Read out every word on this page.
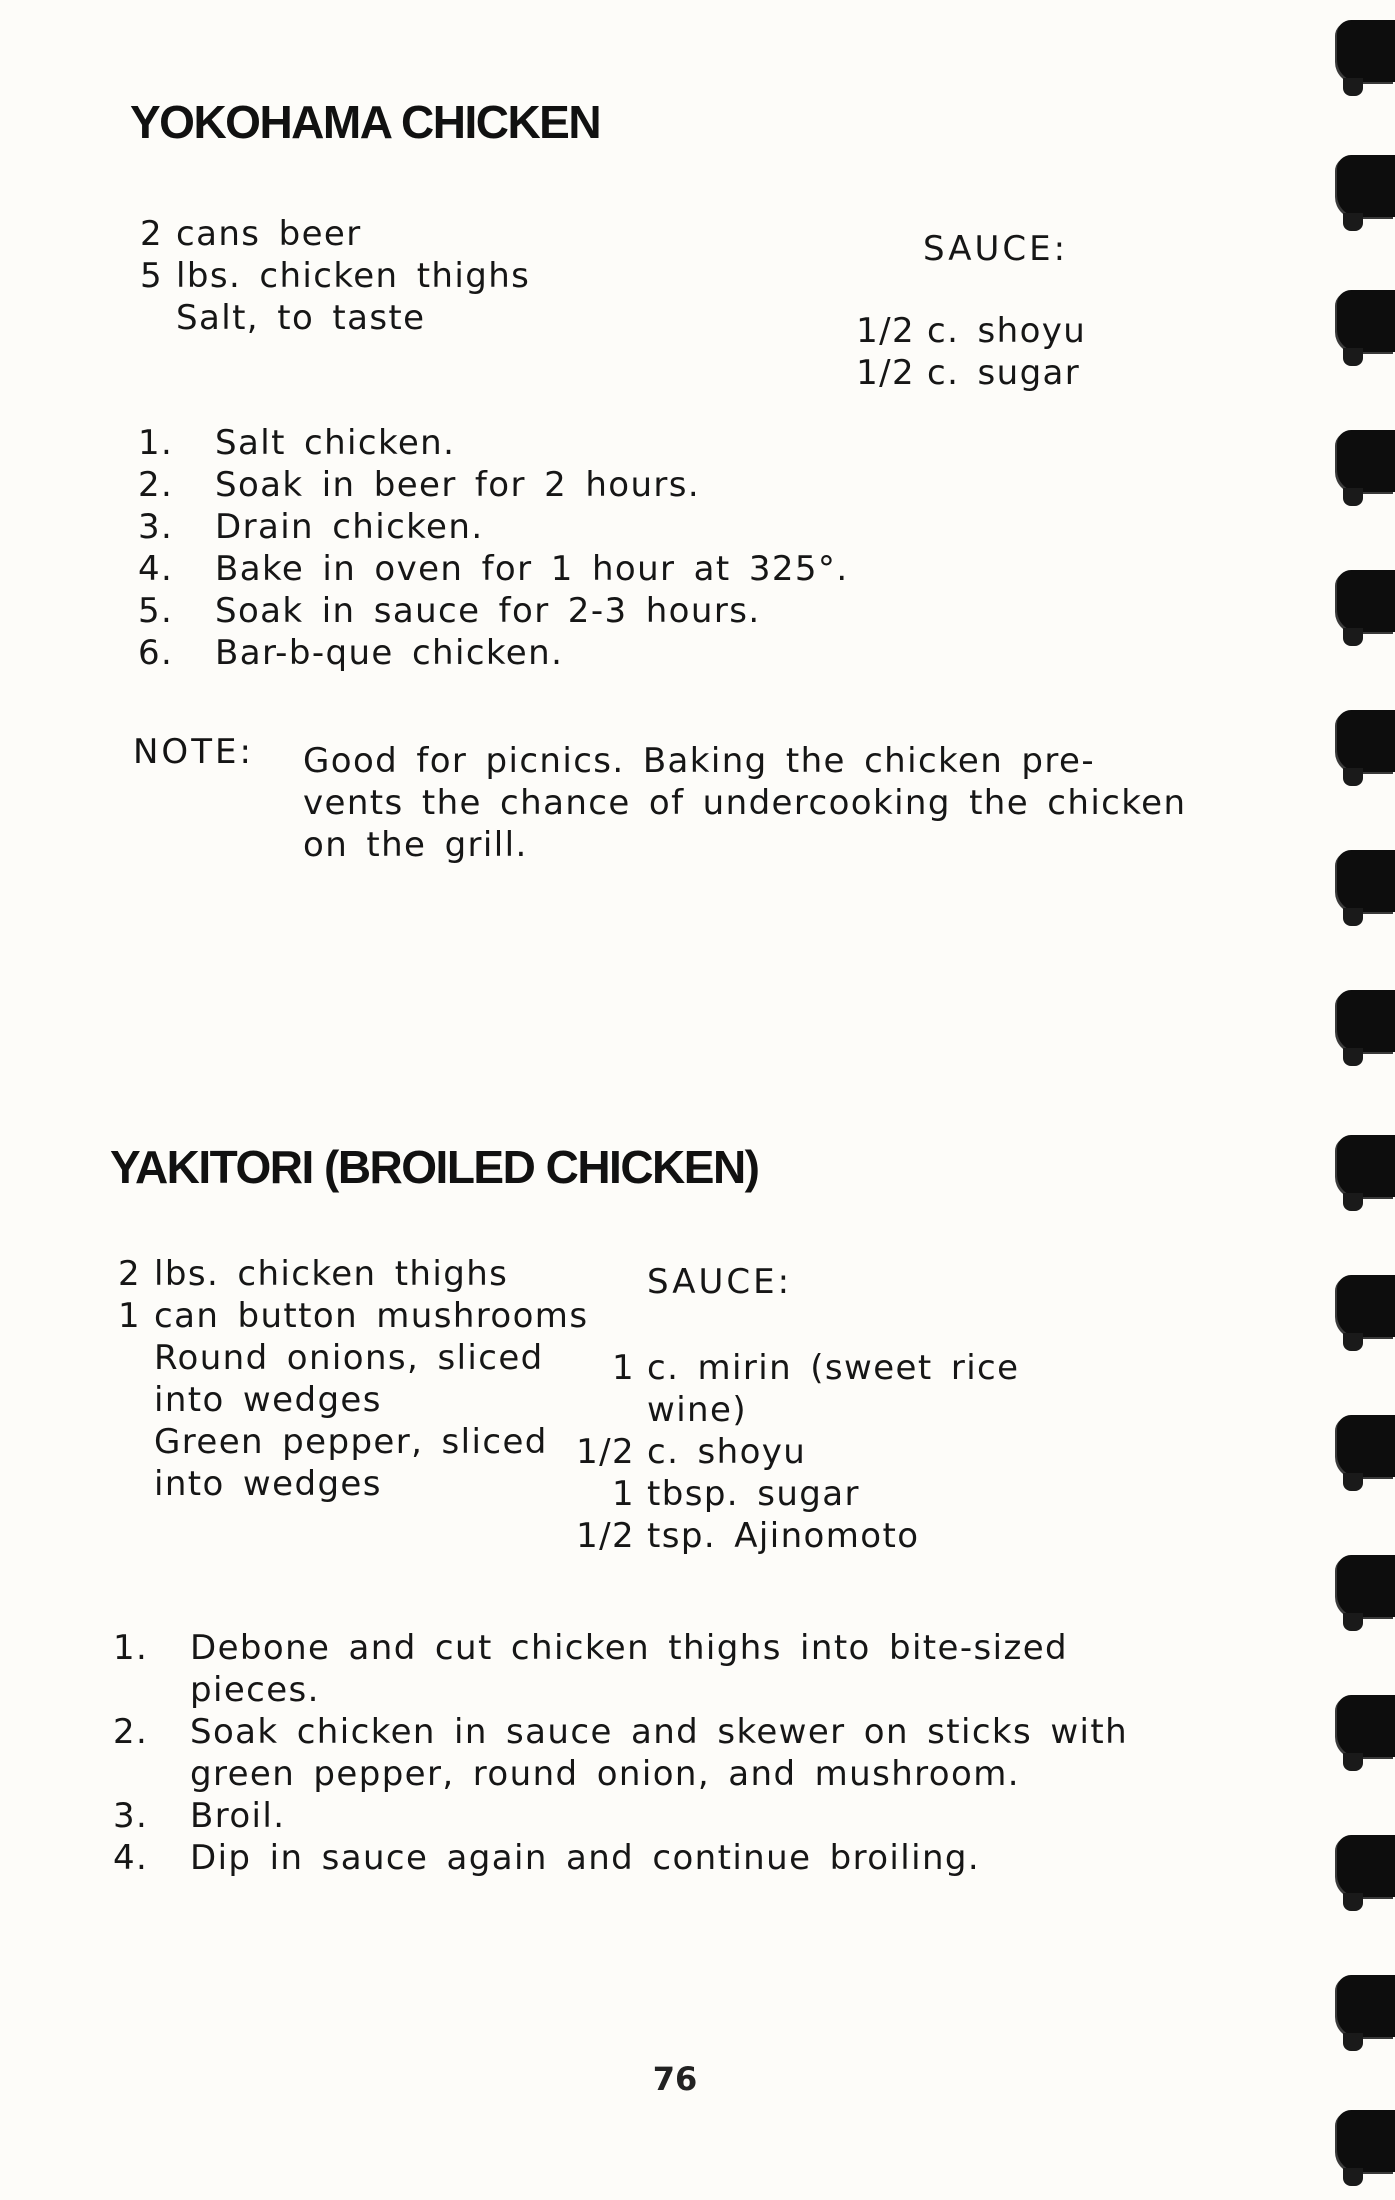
YOKOHAMA CHICKEN
2 cans beer
5 lbs. chicken thighs
Salt, to taste
SAUCE:
1/2 c. shoyu
1/2 c. sugar
1. Salt chicken.
2. Soak in beer for 2 hours.
3. Drain chicken.
4. Bake in oven for 1 hour at 325°.
5. Soak in sauce for 2-3 hours.
6. Bar-b-que chicken.
NOTE: Good for picnics. Baking the chicken pre-
vents the chance of undercooking the chicken
on the grill.
YAKITORI (BROILED CHICKEN)
2 lbs. chicken thighs
1 can button mushrooms
Round onions, sliced
into wedges
Green pepper, sliced
into wedges
SAUCE:
1 c. mirin (sweet rice
wine)
1/2 c. shoyu
1 tbsp. sugar
1/2 tsp. Ajinomoto
1. Debone and cut chicken thighs into bite-sized
pieces.
2. Soak chicken in sauce and skewer on sticks with
green pepper, round onion, and mushroom.
3. Broil.
4. Dip in sauce again and continue broiling.
76
